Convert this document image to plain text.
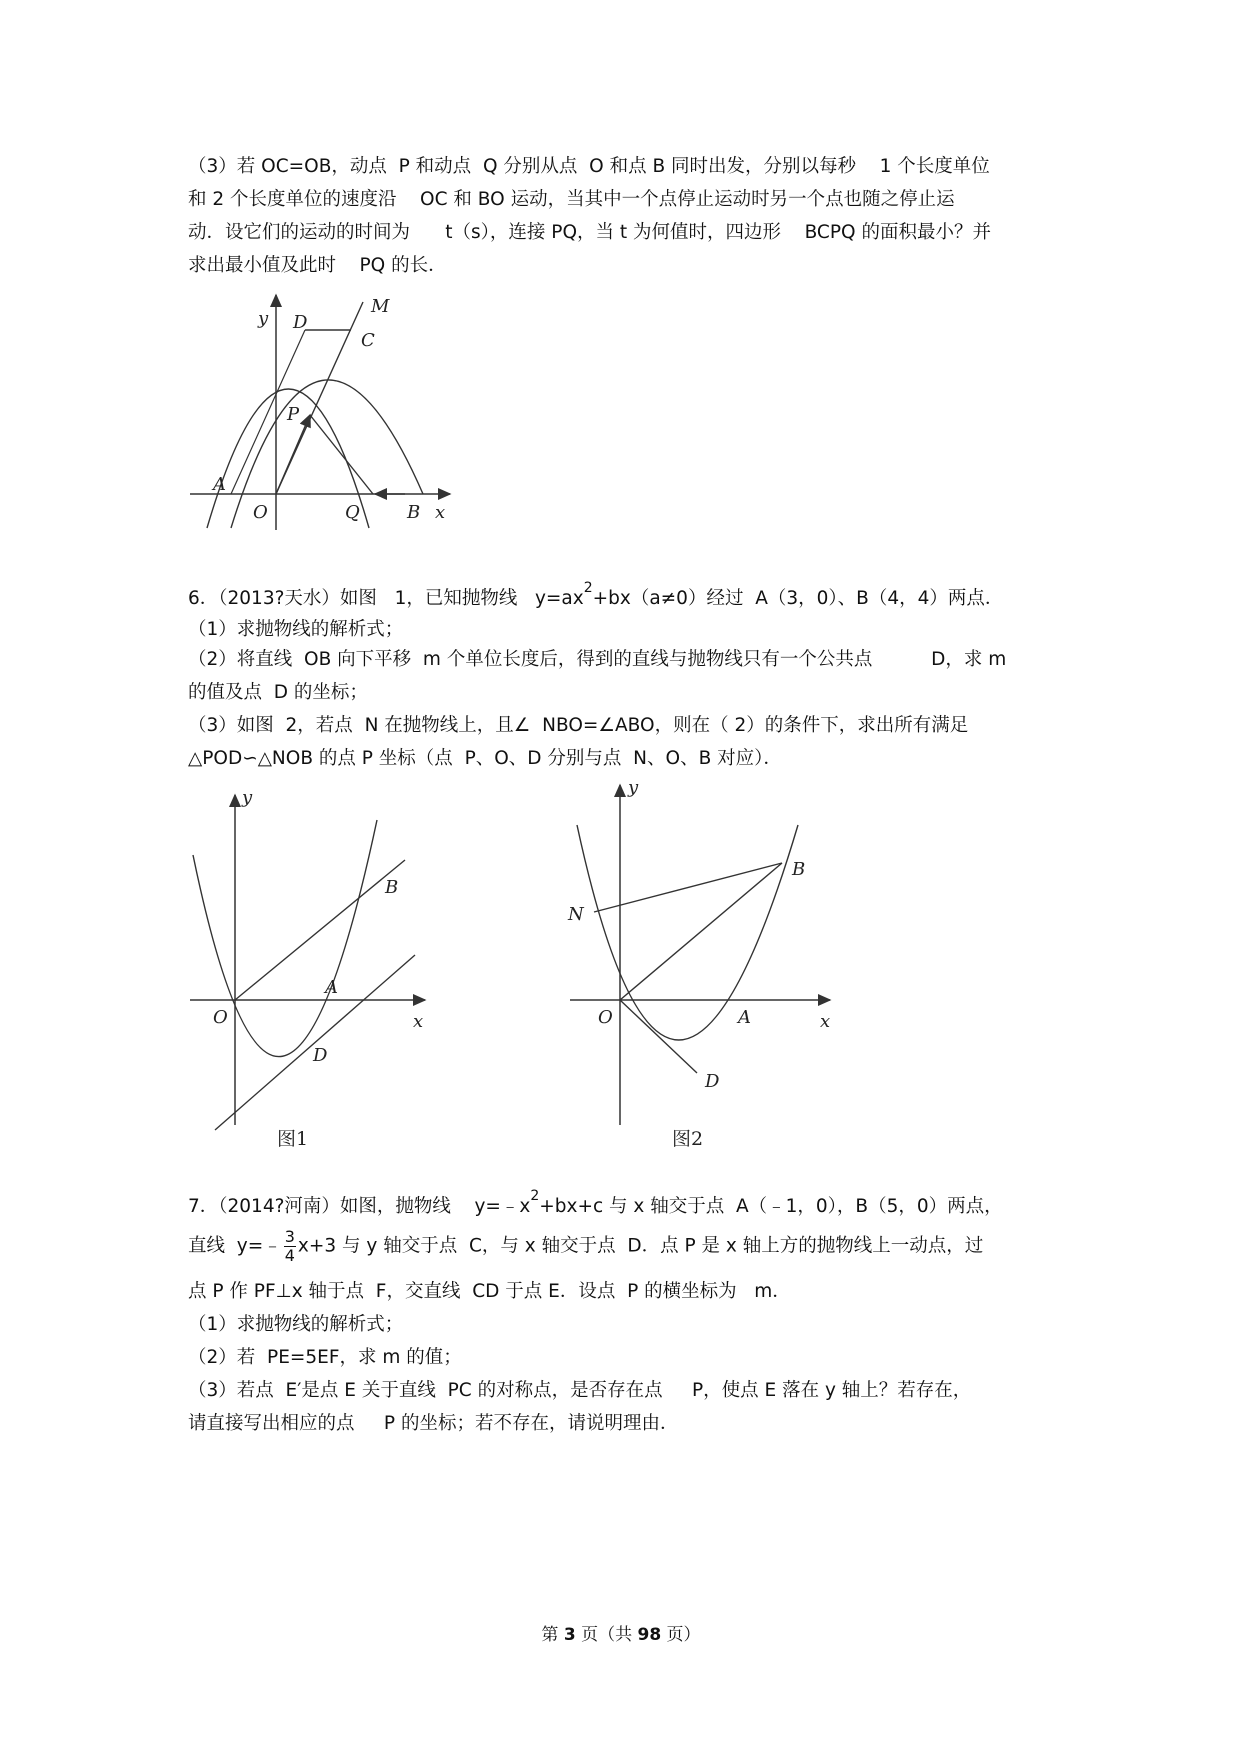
（3）若 OC=OB，动点  P 和动点  Q 分别从点  O 和点 B 同时出发，分别以每秒    1 个长度单位
和 2 个长度单位的速度沿    OC 和 BO 运动，当其中一个点停止运动时另一个点也随之停止运
动．设它们的运动的时间为      t（s），连接 PQ，当 t 为何值时，四边形    BCPQ 的面积最小？并
求出最小值及此时    PQ 的长．
y
M
D
C
P
A
O	Q	B x
6．（2013?天水）如图   1，已知抛物线   $y=ax^2+bx(a\ne 0)$经过  A（3，0）、B（4，4）两点．
（1）求抛物线的解析式；
（2）将直线  OB 向下平移  m 个单位长度后，得到的直线与抛物线只有一个公共点          D，求 m
的值及点  D 的坐标；
（3）如图  2，若点  N 在抛物线上，且∠  NBO=∠ABO，则在（ 2）的条件下，求出所有满足
△POD∽△NOB 的点 P 坐标（点  P、O、D 分别与点  N、O、B 对应）．
y
B
A
O
D
x
图1
y
B
N
O	A
D
x
图2
7．（2014?河南）如图，抛物线    $y=﹣x^2+bx+c$ 与 x 轴交于点  A（﹣1，0），B（5，0）两点，
直线  y=﹣ $\frac{3}{4} x+3$ 与 y 轴交于点  C，与 x 轴交于点  D．点 P 是 x 轴上方的抛物线上一动点，过
点 P 作 PF⊥x 轴于点  F，交直线  CD 于点 E．设点  P 的横坐标为   m．
（1）求抛物线的解析式；
（2）若  PE=5EF，求 m 的值；
（3）若点  E′是点 E 关于直线  PC 的对称点，是否存在点     P，使点 E 落在 y 轴上？若存在，
请直接写出相应的点     P 的坐标；若不存在，请说明理由．
第 3 页（共 98 页）
